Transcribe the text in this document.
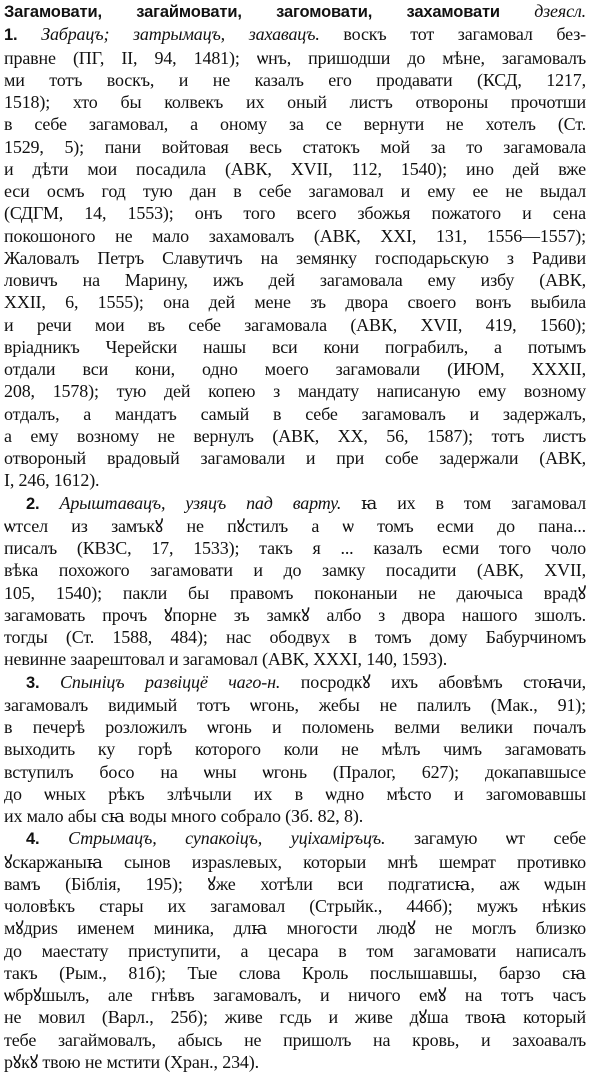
Загамовати, загаймовати, загомовати, захамовати дзеясл.
1. Забрацъ; затрымацъ, захавацъ. воскъ тот загамовал без-
правне (ПГ, II, 94, 1481); ѡнъ, пришодши до мѣне, загамовалъ
ми тотъ воскъ, и не казалъ его продавати (КСД, 1217,
1518); хто бы колвекъ их оный листъ отвороны прочотши
в себе загамовал, а оному за се вернути не хотелъ (Ст.
1529, 5); пани войтовая весь статокъ мой за то загамовала
и дѣти мои посадила (АВК, XVII, 112, 1540); ино дей вже
еси осмъ год тую дан в себе загамовал и ему ее не выдал
(СДГМ, 14, 1553); онъ того всего збожья пожатого и сена
покошоного не мало захамовалъ (АВК, XXI, 131, 1556—1557);
Жаловалъ Петръ Славутичъ на земянку господарьскую з Радиви
ловичъ на Марину, ижъ дей загамовала ему избу (АВК,
XXII, 6, 1555); она дей мене зъ двора своего вонъ выбила
и речи мои въ себе загамовала (АВК, XVII, 419, 1560);
вріадникъ Черейски нашы вси кони пограбилъ, а потымъ
отдали вси кони, одно моего загамовали (ИЮМ, XXXII,
208, 1578); тую дей копею з мандату написаную ему возному
отдалъ, а мандатъ самый в себе загамовалъ и задержалъ,
а ему возному не вернулъ (АВК, XX, 56, 1587); тотъ листъ
отвороный врадовый загамовали и при собе задержали (АВК,
I, 246, 1612).
2. Арыштавацъ, узяцъ пад варту. ꙗ их в том загамовал
ѡтсел из замъкꙋ не пꙋстилъ а ѡ томъ есми до пана...
писалъ (КВЗС, 17, 1533); такъ я ... казалъ есми того чоло
вѣка похожого загамовати и до замку посадити (АВК, XVII,
105, 1540); пакли бы правомъ поконаныи не даючыса врадꙋ
загамовать прочъ ꙋпорне зъ замкꙋ албо з двора нашого зшолъ.
тогды (Ст. 1588, 484); нас ободвух в томъ дому Бабурчиномъ
невинне заарештовал и загамовал (АВК, XXXI, 140, 1593).
3. Спыніцъ развіццё чаго-н. посродкꙋ ихъ абовѣмъ стоꙗчи,
загамовалъ видимый тотъ ѡгонь, жебы не палилъ (Мак., 91);
в печерѣ розложилъ ѡгонь и поломень велми велики почалъ
выходить ку горѣ которого коли не мѣлъ чимъ загамовать
вступилъ босо на ѡны ѡгонь (Пралог, 627); докапавшысе
до ѡных рѣкъ злѣчыли их в ѡдно мѣсто и загомовавшы
их мало абы сꙗ воды много собрало (Зб. 82, 8).
4. Стрымацъ, супакоіцъ, уціхаміръцъ. загамую ѡт себе
ꙋскаржаныꙗ сынов израѕлевых, которыи мнѣ шемрат противко
вамъ (Біблія, 195); ꙋже хотѣли вси подгатисꙗ, аж ѡдын
чоловѣкъ стары их загамовал (Стрыйк., 446б); мужъ нѣкиѕ
мꙋдриѕ именем миника, длꙗ многости людꙋ не моглъ близко
до маестату приступити, а цесара в том загамовати написалъ
такъ (Рым., 81б); Тые слова Кроль послышавшы, барзо сꙗ
ѡбрꙋшылъ, але гнѣвъ загамовалъ, и ничого емꙋ на тотъ часъ
не мовил (Варл., 25б); живе гсдь и живе дꙋша твоꙗ который
тебе загаймовалъ, абысь не пришолъ на кровь, и захоавалъ
рꙋкꙋ твою не мстити (Хран., 234).
